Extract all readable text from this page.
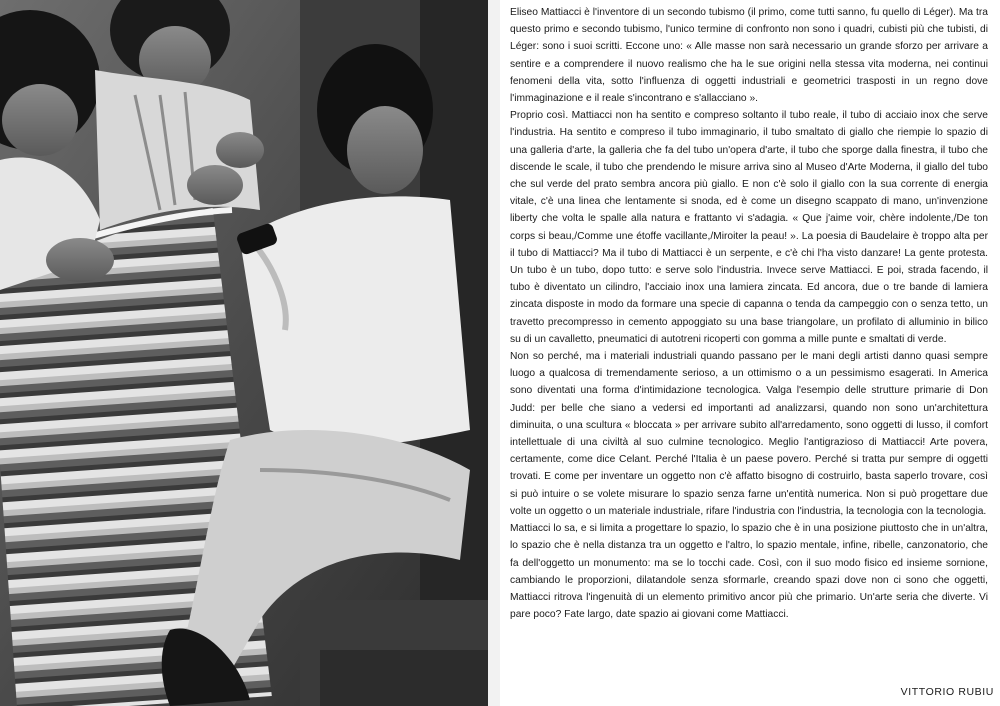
Eliseo Mattiacci è l'inventore di un secondo tubismo (il primo, come tutti sanno, fu quello di Léger). Ma tra questo primo e secondo tubismo, l'unico termine di confronto non sono i quadri, cubisti più che tubisti, di Léger: sono i suoi scritti. Eccone uno: « Alle masse non sarà necessario un grande sforzo per arrivare a sentire e a comprendere il nuovo realismo che ha le sue origini nella stessa vita moderna, nei continui fenomeni della vita, sotto l'influenza di oggetti industriali e geometrici trasposti in un regno dove l'immaginazione e il reale s'incontrano e s'allacciano ».

Proprio così. Mattiacci non ha sentito e compreso soltanto il tubo reale, il tubo di acciaio inox che serve l'industria. Ha sentito e compreso il tubo immaginario, il tubo smaltato di giallo che riempie lo spazio di una galleria d'arte, la galleria che fa del tubo un'opera d'arte, il tubo che sporge dalla finestra, il tubo che discende le scale, il tubo che prendendo le misure arriva sino al Museo d'Arte Moderna, il giallo del tubo che sul verde del prato sembra ancora più giallo. E non c'è solo il giallo con la sua corrente di energia vitale, c'è una linea che lentamente si snoda, ed è come un disegno scappato di mano, un'invenzione liberty che volta le spalle alla natura e frattanto vi s'adagia. « Que j'aime voir, chère indolente,/De ton corps si beau,/Comme une étoffe vacillante,/Miroiter la peau! ». La poesia di Baudelaire è troppo alta per il tubo di Mattiacci? Ma il tubo di Mattiacci è un serpente, e c'è chi l'ha visto danzare! La gente protesta. Un tubo è un tubo, dopo tutto: e serve solo l'industria. Invece serve Mattiacci. E poi, strada facendo, il tubo è diventato un cilindro, l'acciaio inox una lamiera zincata. Ed ancora, due o tre bande di lamiera zincata disposte in modo da formare una specie di capanna o tenda da campeggio con o senza tetto, un travetto precompresso in cemento appoggiato su una base triangolare, un profilato di alluminio in bilico su di un cavalletto, pneumatici di autotreni ricoperti con gomma a mille punte e smaltati di verde.

Non so perché, ma i materiali industriali quando passano per le mani degli artisti danno quasi sempre luogo a qualcosa di tremendamente serioso, a un ottimismo o a un pessimismo esagerati. In America sono diventati una forma d'intimidazione tecnologica. Valga l'esempio delle strutture primarie di Don Judd: per belle che siano a vedersi ed importanti ad analizzarsi, quando non sono un'architettura diminuita, o una scultura « bloccata » per arrivare subito all'arredamento, sono oggetti di lusso, il comfort intellettuale di una civiltà al suo culmine tecnologico. Meglio l'antigrazioso di Mattiacci! Arte povera, certamente, come dice Celant. Perché l'Italia è un paese povero. Perché si tratta pur sempre di oggetti trovati. E come per inventare un oggetto non c'è affatto bisogno di costruirlo, basta saperlo trovare, così si può intuire o se volete misurare lo spazio senza farne un'entità numerica. Non si può progettare due volte un oggetto o un materiale industriale, rifare l'industria con l'industria, la tecnologia con la tecnologia.

Mattiacci lo sa, e si limita a progettare lo spazio, lo spazio che è in una posizione piuttosto che in un'altra, lo spazio che è nella distanza tra un oggetto e l'altro, lo spazio mentale, infine, ribelle, canzonatorio, che fa dell'oggetto un monumento: ma se lo tocchi cade. Così, con il suo modo fisico ed insieme sornione, cambiando le proporzioni, dilatandole senza sformarle, creando spazi dove non ci sono che oggetti, Mattiacci ritrova l'ingenuità di un elemento primitivo ancor più che primario. Un'arte seria che diverte. Vi pare poco? Fate largo, date spazio ai giovani come Mattiacci.

VITTORIO RUBIU
